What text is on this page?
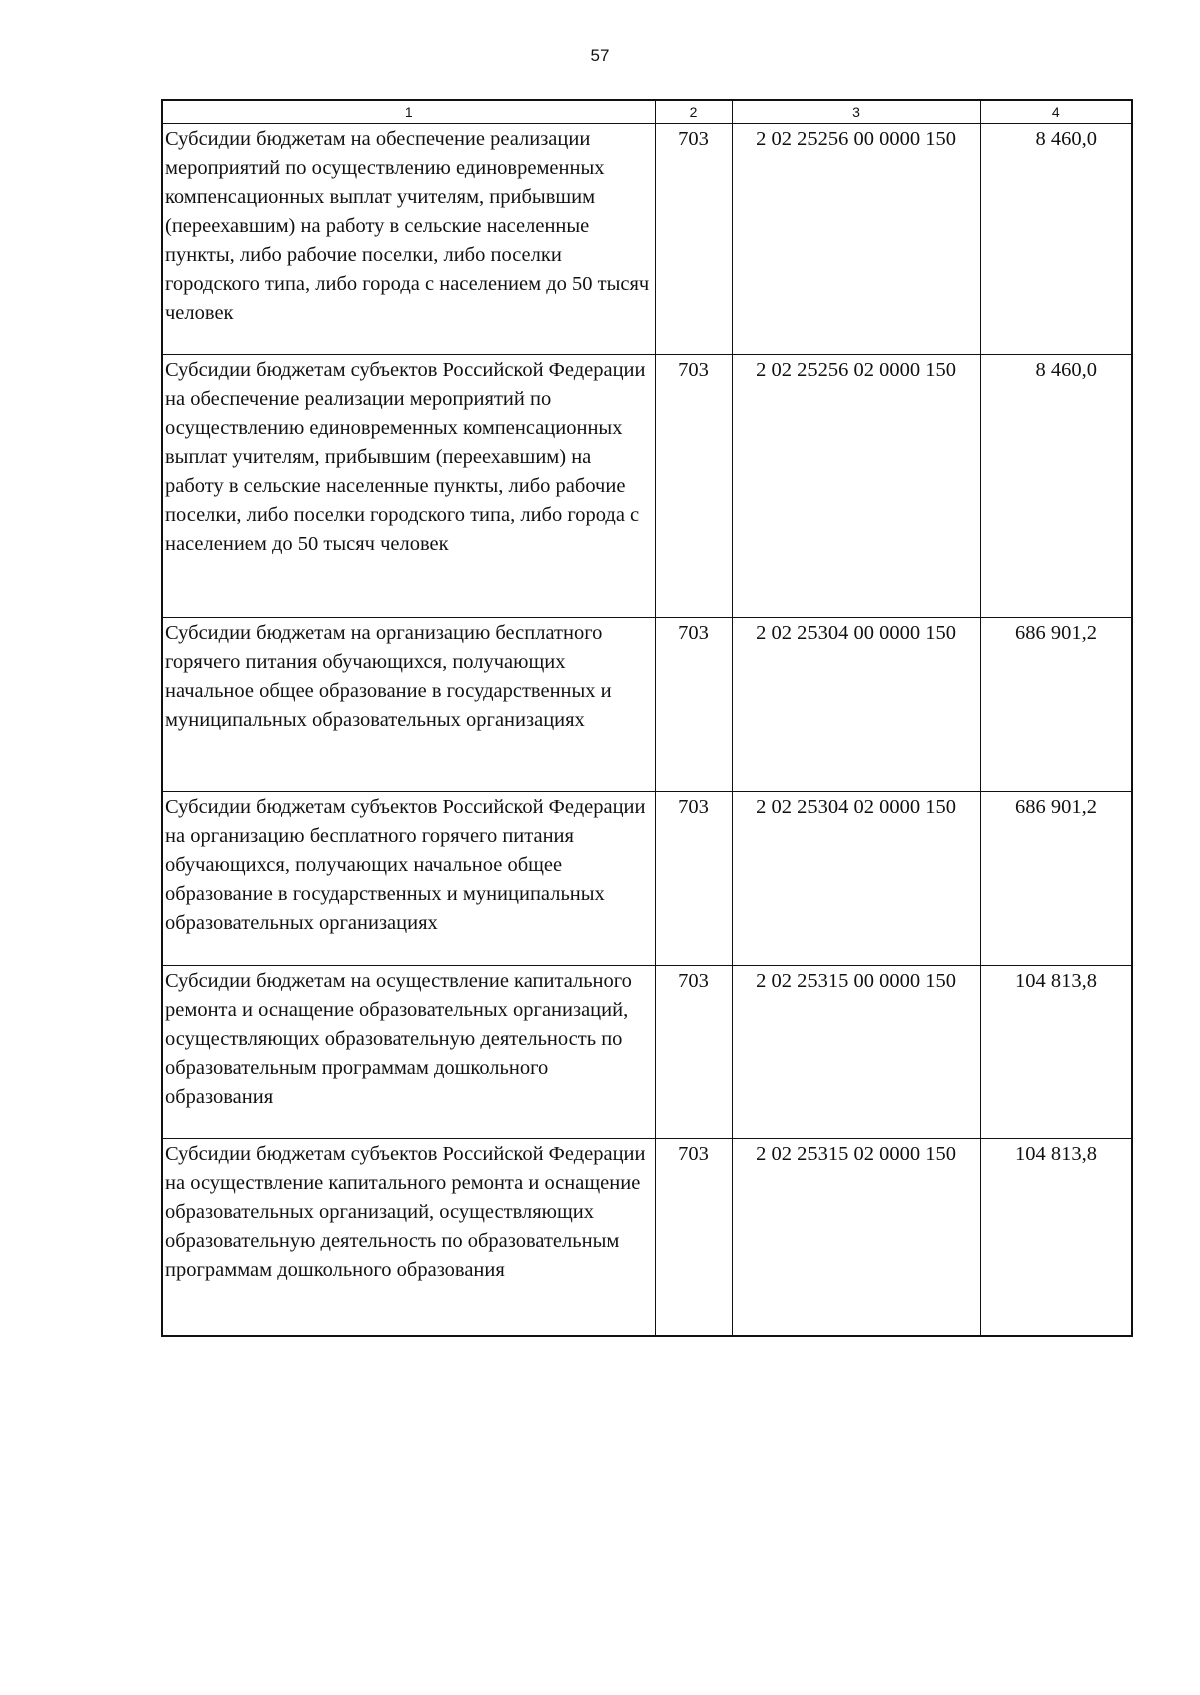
57
1	2	3	4
Субсидии бюджетам на обеспечение реализации мероприятий по осуществлению единовременных компенсационных выплат учителям, прибывшим (переехавшим) на работу в сельские населенные пункты, либо рабочие поселки, либо поселки городского типа, либо города с населением до 50 тысяч человек	703	2 02 25256 00 0000 150	8 460,0
Субсидии бюджетам субъектов Российской Федерации на обеспечение реализации мероприятий по осуществлению единовременных компенсационных выплат учителям, прибывшим (переехавшим) на работу в сельские населенные пункты, либо рабочие поселки, либо поселки городского типа, либо города с населением до 50 тысяч человек	703	2 02 25256 02 0000 150	8 460,0
Субсидии бюджетам на организацию бесплатного горячего питания обучающихся, получающих начальное общее образование в государственных и муниципальных образовательных организациях	703	2 02 25304 00 0000 150	686 901,2
Субсидии бюджетам субъектов Российской Федерации на организацию бесплатного горячего питания обучающихся, получающих начальное общее образование в государственных и муниципальных образовательных организациях	703	2 02 25304 02 0000 150	686 901,2
Субсидии бюджетам на осуществление капитального ремонта и оснащение образовательных организаций, осуществляющих образовательную деятельность по образовательным программам дошкольного образования	703	2 02 25315 00 0000 150	104 813,8
Субсидии бюджетам субъектов Российской Федерации на осуществление капитального ремонта и оснащение образовательных организаций, осуществляющих образовательную деятельность по образовательным программам дошкольного образования	703	2 02 25315 02 0000 150	104 813,8
